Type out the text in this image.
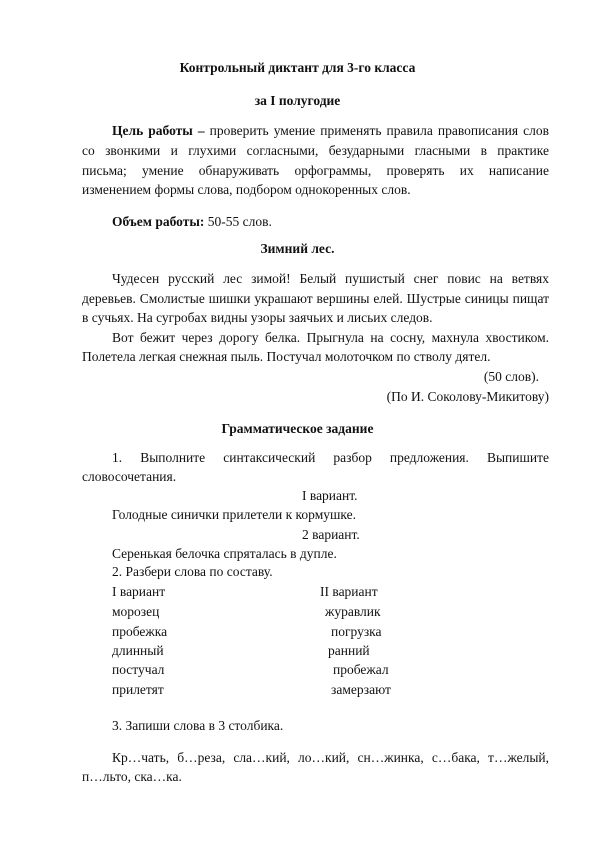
Контрольный диктант для 3-го класса
за I полугодие
Цель работы – проверить умение применять правила правописания слов
со звонкими и глухими согласными, безударными гласными в практике
письма; умение обнаруживать орфограммы, проверять их написание
изменением формы слова, подбором однокоренных слов.
Объем работы: 50-55 слов.
Зимний лес.
Чудесен русский лес зимой! Белый пушистый снег повис на ветвях
деревьев. Смолистые шишки украшают вершины елей. Шустрые синицы пищат
в сучьях. На сугробах видны узоры заячьих и лисьих следов.
Вот бежит через дорогу белка. Прыгнула на сосну, махнула хвостиком.
Полетела легкая снежная пыль. Постучал молоточком по стволу дятел.
(50 слов).
(По И. Соколову-Микитову)
Грамматическое задание
1. Выполните синтаксический разбор предложения. Выпишите
словосочетания.
I вариант.
Голодные синички прилетели к кормушке.
2 вариант.
Серенькая белочка спряталась в дупле.
2. Разбери слова по составу.
I вариант	II вариант
морозец
пробежка
длинный
постучал
прилетят
журавлик
погрузка
ранний
пробежал
замерзают
3. Запиши слова в 3 столбика.
Кр…чать, б…реза, сла…кий, ло…кий, сн…жинка, с…бака, т…желый,
п…льто, ска…ка.
